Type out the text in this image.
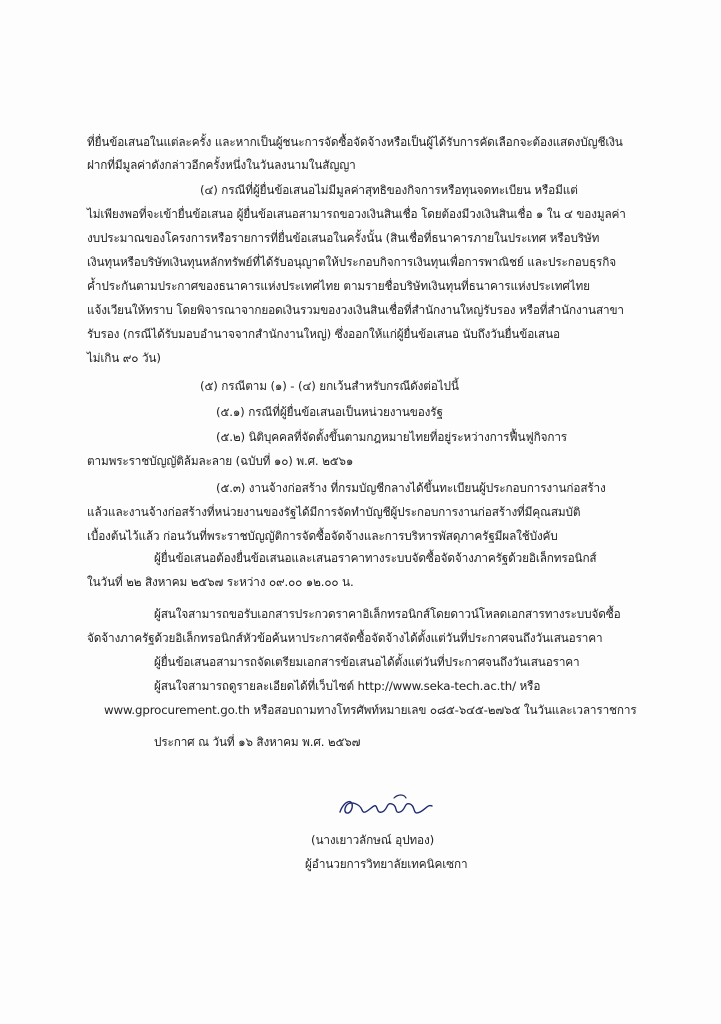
ที่ยื่นข้อเสนอในแต่ละครั้ง และหากเป็นผู้ชนะการจัดซื้อจัดจ้างหรือเป็นผู้ได้รับการคัดเลือกจะต้องแสดงบัญชีเงิน
ฝากที่มีมูลค่าดังกล่าวอีกครั้งหนึ่งในวันลงนามในสัญญา
(๔) กรณีที่ผู้ยื่นข้อเสนอไม่มีมูลค่าสุทธิของกิจการหรือทุนจดทะเบียน หรือมีแต่
ไม่เพียงพอที่จะเข้ายื่นข้อเสนอ ผู้ยื่นข้อเสนอสามารถขอวงเงินสินเชื่อ โดยต้องมีวงเงินสินเชื่อ ๑ ใน ๔ ของมูลค่า
งบประมาณของโครงการหรือรายการที่ยื่นข้อเสนอในครั้งนั้น (สินเชื่อที่ธนาคารภายในประเทศ หรือบริษัท
เงินทุนหรือบริษัทเงินทุนหลักทรัพย์ที่ได้รับอนุญาตให้ประกอบกิจการเงินทุนเพื่อการพาณิชย์ และประกอบธุรกิจ
ค้ำประกันตามประกาศของธนาคารแห่งประเทศไทย ตามรายชื่อบริษัทเงินทุนที่ธนาคารแห่งประเทศไทย
แจ้งเวียนให้ทราบ โดยพิจารณาจากยอดเงินรวมของวงเงินสินเชื่อที่สำนักงานใหญ่รับรอง หรือที่สำนักงานสาขา
รับรอง (กรณีได้รับมอบอำนาจจากสำนักงานใหญ่) ซึ่งออกให้แก่ผู้ยื่นข้อเสนอ นับถึงวันยื่นข้อเสนอ
ไม่เกิน ๙๐ วัน)
(๕) กรณีตาม (๑) - (๔) ยกเว้นสำหรับกรณีดังต่อไปนี้
(๕.๑) กรณีที่ผู้ยื่นข้อเสนอเป็นหน่วยงานของรัฐ
(๕.๒) นิติบุคคลที่จัดตั้งขึ้นตามกฎหมายไทยที่อยู่ระหว่างการฟื้นฟูกิจการ
ตามพระราชบัญญัติล้มละลาย (ฉบับที่ ๑๐) พ.ศ. ๒๕๖๑
(๕.๓) งานจ้างก่อสร้าง ที่กรมบัญชีกลางได้ขึ้นทะเบียนผู้ประกอบการงานก่อสร้าง
แล้วและงานจ้างก่อสร้างที่หน่วยงานของรัฐได้มีการจัดทำบัญชีผู้ประกอบการงานก่อสร้างที่มีคุณสมบัติ
เบื้องต้นไว้แล้ว ก่อนวันที่พระราชบัญญัติการจัดซื้อจัดจ้างและการบริหารพัสดุภาครัฐมีผลใช้บังคับ
ผู้ยื่นข้อเสนอต้องยื่นข้อเสนอและเสนอราคาทางระบบจัดซื้อจัดจ้างภาครัฐด้วยอิเล็กทรอนิกส์
ในวันที่ ๒๒ สิงหาคม ๒๕๖๗ ระหว่าง ๐๙.๐๐ ๑๒.๐๐ น.
ผู้สนใจสามารถขอรับเอกสารประกวดราคาอิเล็กทรอนิกส์โดยดาวน์โหลดเอกสารทางระบบจัดซื้อ
จัดจ้างภาครัฐด้วยอิเล็กทรอนิกส์หัวข้อค้นหาประกาศจัดซื้อจัดจ้างได้ตั้งแต่วันที่ประกาศจนถึงวันเสนอราคา
ผู้ยื่นข้อเสนอสามารถจัดเตรียมเอกสารข้อเสนอได้ตั้งแต่วันที่ประกาศจนถึงวันเสนอราคา
ผู้สนใจสามารถดูรายละเอียดได้ที่เว็บไซต์ http://www.seka-tech.ac.th/ หรือ
www.gprocurement.go.th หรือสอบถามทางโทรศัพท์หมายเลข ๐๘๕-๖๔๕-๒๗๖๕ ในวันและเวลาราชการ
ประกาศ ณ วันที่ ๑๖ สิงหาคม พ.ศ. ๒๕๖๗
(นางเยาวลักษณ์ อุปทอง)
ผู้อำนวยการวิทยาลัยเทคนิคเซกา
